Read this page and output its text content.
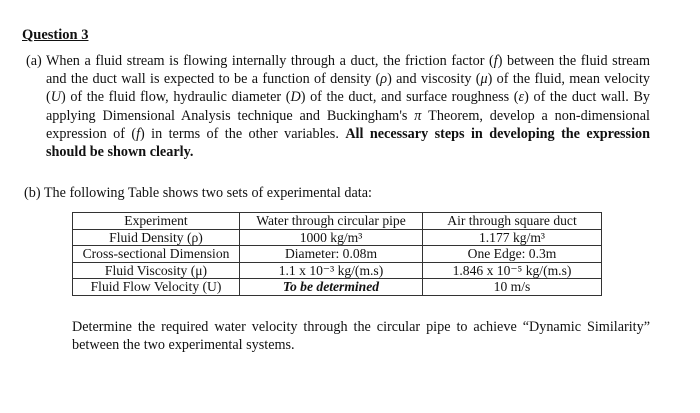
Question 3
(a) When a fluid stream is flowing internally through a duct, the friction factor (f) between the fluid stream and the duct wall is expected to be a function of density (ρ) and viscosity (μ) of the fluid, mean velocity (U) of the fluid flow, hydraulic diameter (D) of the duct, and surface roughness (ε) of the duct wall. By applying Dimensional Analysis technique and Buckingham's π Theorem, develop a non-dimensional expression of (f) in terms of the other variables. All necessary steps in developing the expression should be shown clearly.
(b) The following Table shows two sets of experimental data:
Experiment	Water through circular pipe	Air through square duct
Fluid Density (ρ)	1000 kg/m³	1.177 kg/m³
Cross-sectional Dimension	Diameter: 0.08m	One Edge: 0.3m
Fluid Viscosity (μ)	1.1 x 10⁻³ kg/(m.s)	1.846 x 10⁻⁵ kg/(m.s)
Fluid Flow Velocity (U)	To be determined	10 m/s
Determine the required water velocity through the circular pipe to achieve “Dynamic Similarity” between the two experimental systems.
